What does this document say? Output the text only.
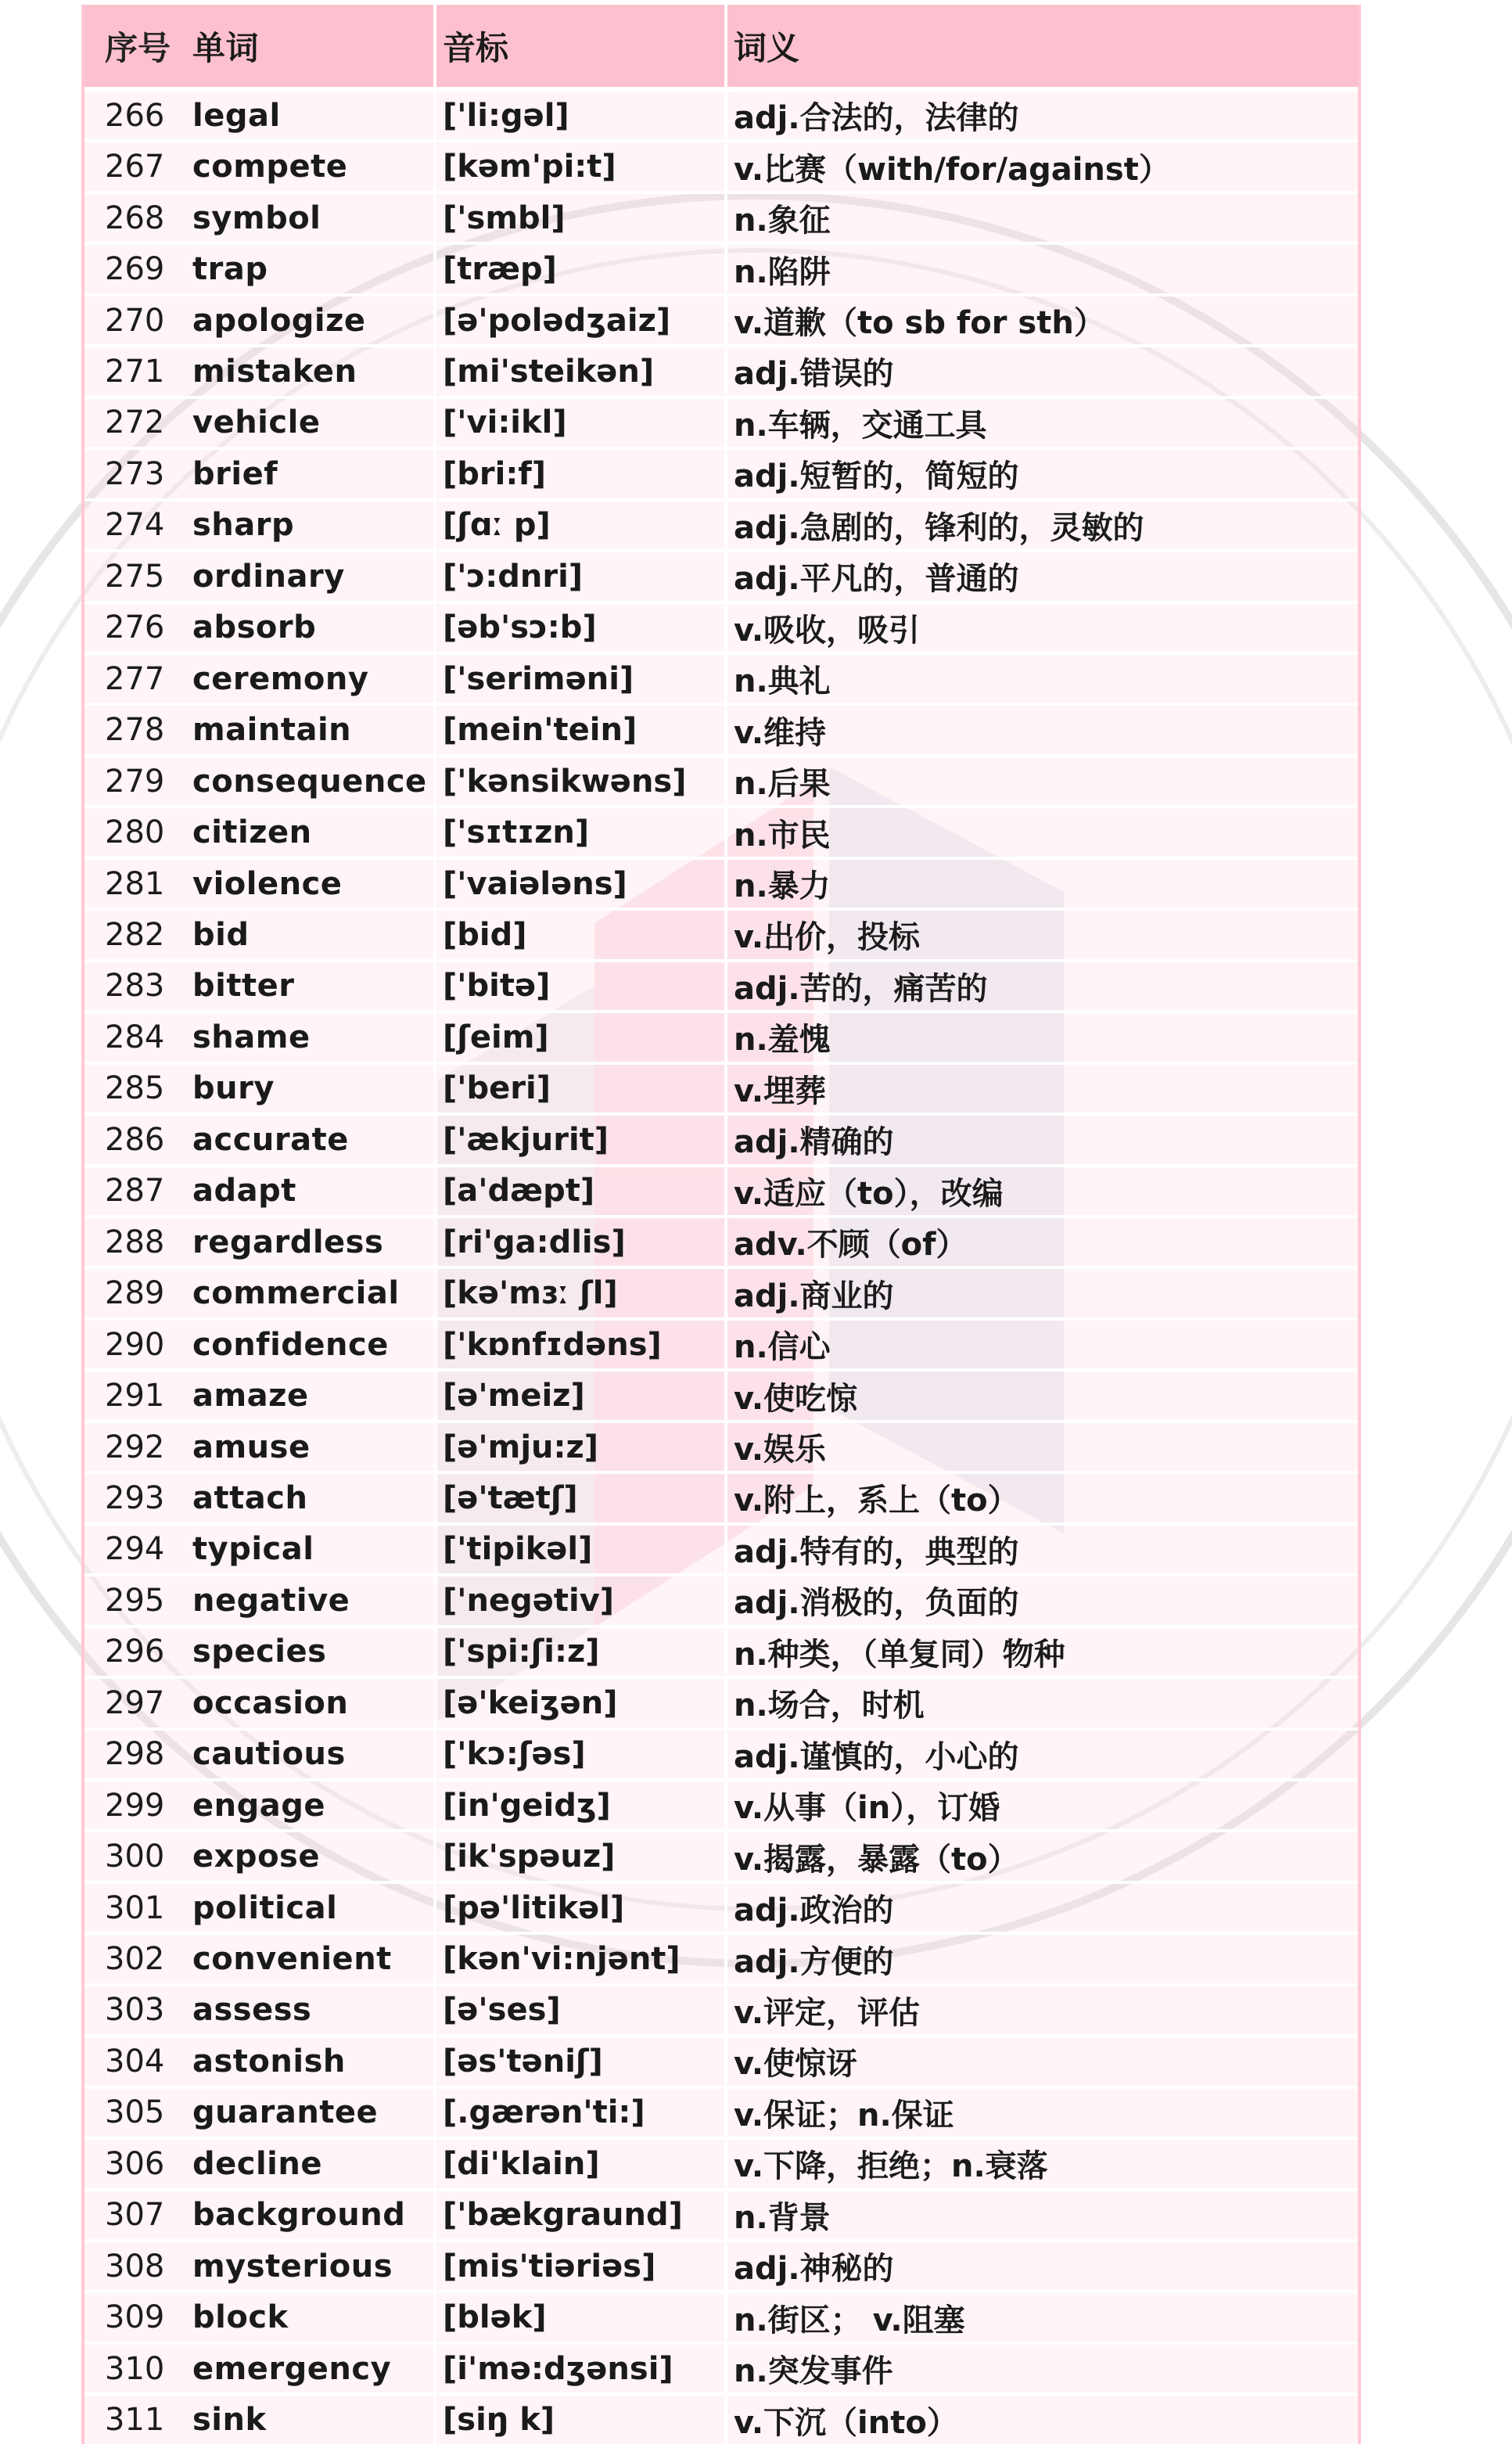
序号 单词	音标	词义
266 legal	['li:gəl]	adj.合法的，法律的
267 compete	[kəm'pi:t]	v.比赛（with/for/against）
268 symbol	['smbl]	n.象征
269 trap	[træp]	n.陷阱
270 apologize	[ə'polədʒaiz]	v.道歉（to sb for sth）
271 mistaken	[mi'steikən]	adj.错误的
272 vehicle	['vi:ikl]	n.车辆，交通工具
273 brief	[bri:f]	adj.短暂的，简短的
274 sharp	[ʃɑː p]	adj.急剧的，锋利的，灵敏的
275 ordinary	['ɔ:dnri]	adj.平凡的，普通的
276 absorb	[əb'sɔ:b]	v.吸收，吸引
277 ceremony	['seriməni]	n.典礼
278 maintain	[mein'tein]	v.维持
279 consequence ['kənsikwəns]	n.后果
280 citizen	['sɪtɪzn]	n.市民
281 violence	['vaiələns]	n.暴力
282 bid	[bid]	v.出价，投标
283 bitter	['bitə]	adj.苦的，痛苦的
284 shame	[ʃeim]	n.羞愧
285 bury	['beri]	v.埋葬
286 accurate	['ækjurit]	adj.精确的
287 adapt	[a'dæpt]	v.适应（to），改编
288 regardless	[ri'ga:dlis]	adv.不顾（of）
289 commercial	[kə'mɜː ʃl]	adj.商业的
290 confidence	['kɒnfɪdəns]	n.信心
291 amaze	[ə'meiz]	v.使吃惊
292 amuse	[ə'mju:z]	v.娱乐
293 attach	[ə'tætʃ]	v.附上，系上（to）
294 typical	['tipikəl]	adj.特有的，典型的
295 negative	['negətiv]	adj.消极的，负面的
296 species	['spi:ʃi:z]	n.种类，（单复同）物种
297 occasion	[ə'keiʒən]	n.场合，时机
298 cautious	['kɔ:ʃəs]	adj.谨慎的，小心的
299 engage	[in'geidʒ]	v.从事（in），订婚
300 expose	[ik'spəuz]	v.揭露，暴露（to）
301 political	[pə'litikəl]	adj.政治的
302 convenient	[kən'vi:njənt]	adj.方便的
303 assess	[ə'ses]	v.评定，评估
304 astonish	[əs'təniʃ]	v.使惊讶
305 guarantee	[.gærən'ti:]	v.保证；n.保证
306 decline	[di'klain]	v.下降，拒绝；n.衰落
307 background	['bækgraund]	n.背景
308 mysterious	[mis'tiəriəs]	adj.神秘的
309 block	[blək]	n.街区； v.阻塞
310 emergency	[i'mə:dʒənsi]	n.突发事件
311 sink	[siŋ k]	v.下沉（into）
